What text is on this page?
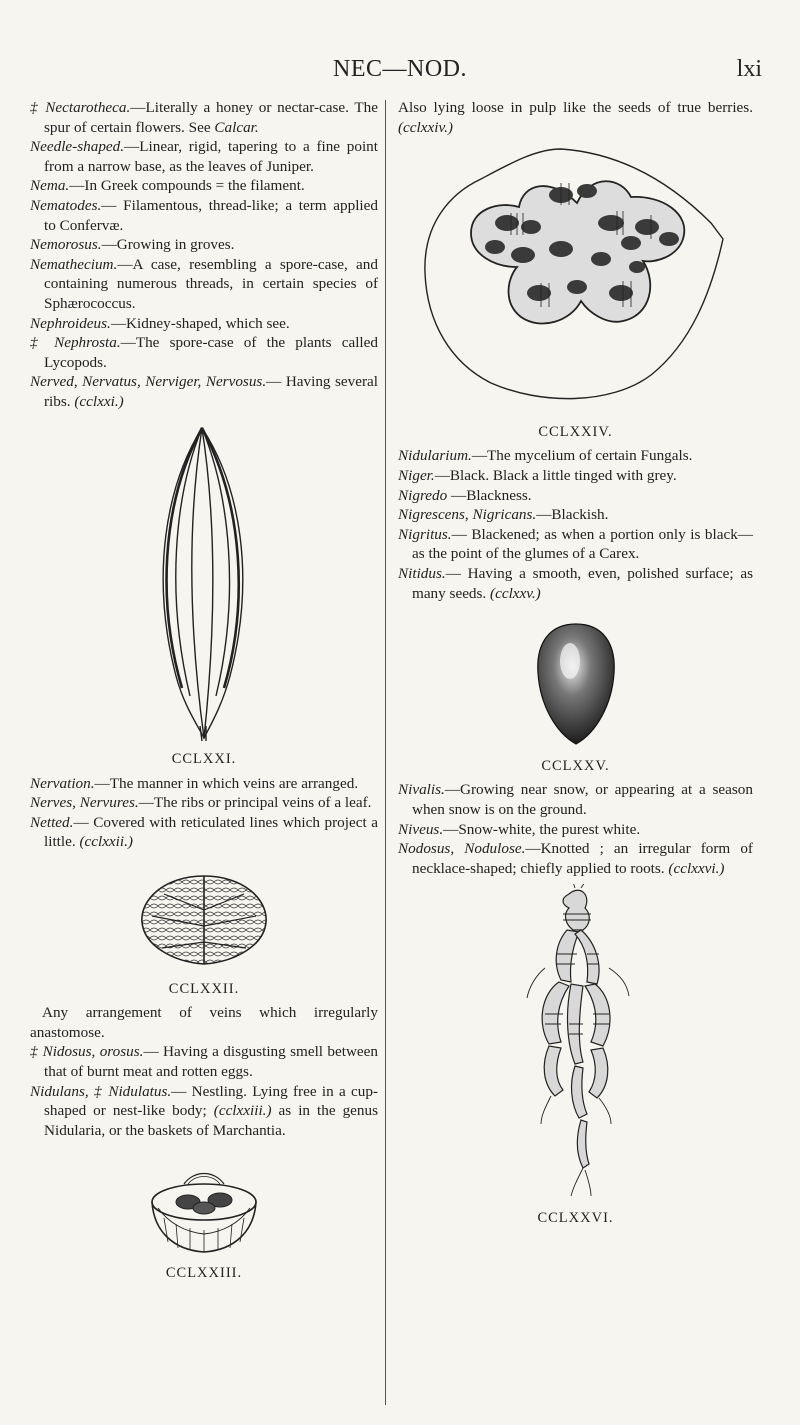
NEC—NOD.	lxi

‡ Nectarotheca.—Literally a honey or nectar-case. The spur of certain flowers. See Calcar.

Needle-shaped.—Linear, rigid, tapering to a fine point from a narrow base, as the leaves of Juniper.

Nema.—In Greek compounds = the filament.

Nematodes.— Filamentous, thread-like; a term applied to Confervæ.

Nemorosus.—Growing in groves.

Nemathecium.—A case, resembling a spore-case, and containing numerous threads, in certain species of Sphærococcus.

Nephroideus.—Kidney-shaped, which see.

‡ Nephrosta.—The spore-case of the plants called Lycopods.

Nerved, Nervatus, Nerviger, Nervosus.— Having several ribs. (cclxxi.)

CCLXXI.

Nervation.—The manner in which veins are arranged.

Nerves, Nervures.—The ribs or principal veins of a leaf.

Netted.— Covered with reticulated lines which project a little. (cclxxii.)

CCLXXII.

Any arrangement of veins which irregularly anastomose.

‡ Nidosus, orosus.— Having a disgusting smell between that of burnt meat and rotten eggs.

Nidulans, ‡ Nidulatus.— Nestling. Lying free in a cup-shaped or nest-like body; (cclxxiii.) as in the genus Nidularia, or the baskets of Marchantia.

CCLXXIII.

Also lying loose in pulp like the seeds of true berries. (cclxxiv.)

CCLXXIV.

Nidularium.—The mycelium of certain Fungals.

Niger.—Black. Black a little tinged with grey.

Nigredo —Blackness.

Nigrescens, Nigricans.—Blackish.

Nigritus.— Blackened; as when a portion only is black—as the point of the glumes of a Carex.

Nitidus.— Having a smooth, even, polished surface; as many seeds. (cclxxv.)

CCLXXV.

Nivalis.—Growing near snow, or appearing at a season when snow is on the ground.

Niveus.—Snow-white, the purest white.

Nodosus, Nodulose.—Knotted ; an irregular form of necklace-shaped; chiefly applied to roots. (cclxxvi.)

CCLXXVI.
